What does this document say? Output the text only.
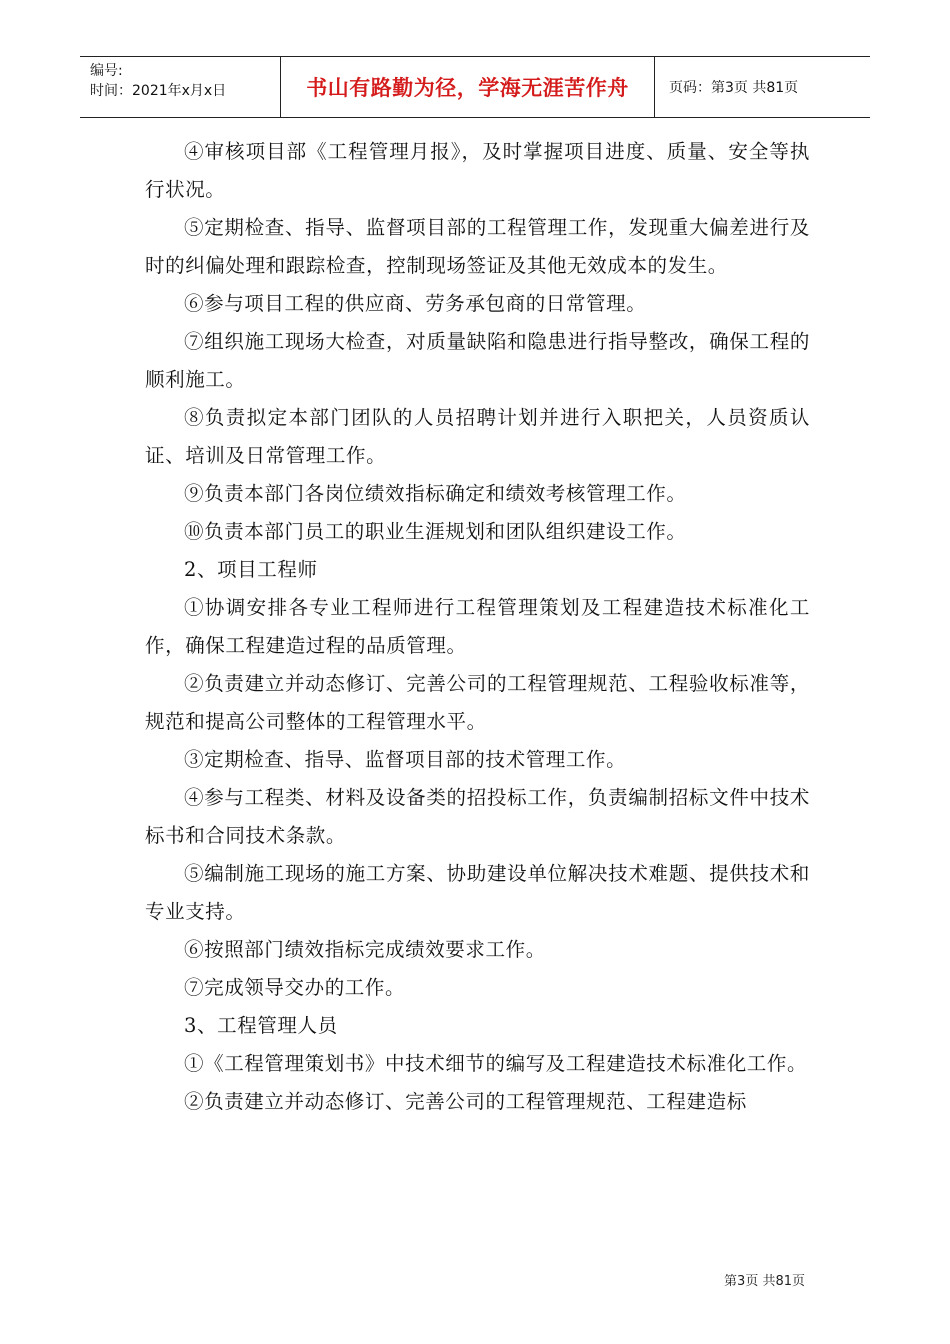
编号:
时间：2021年x月x日	书山有路勤为径，学海无涯苦作舟	页码：第3页 共81页

④审核项目部《工程管理月报》，及时掌握项目进度、质量、安全等执行状况。

⑤定期检查、指导、监督项目部的工程管理工作，发现重大偏差进行及时的纠偏处理和跟踪检查，控制现场签证及其他无效成本的发生。

⑥参与项目工程的供应商、劳务承包商的日常管理。

⑦组织施工现场大检查，对质量缺陷和隐患进行指导整改，确保工程的顺利施工。

⑧负责拟定本部门团队的人员招聘计划并进行入职把关，人员资质认证、培训及日常管理工作。

⑨负责本部门各岗位绩效指标确定和绩效考核管理工作。

⑩负责本部门员工的职业生涯规划和团队组织建设工作。

2、项目工程师

①协调安排各专业工程师进行工程管理策划及工程建造技术标准化工作，确保工程建造过程的品质管理。

②负责建立并动态修订、完善公司的工程管理规范、工程验收标准等，规范和提高公司整体的工程管理水平。

③定期检查、指导、监督项目部的技术管理工作。

④参与工程类、材料及设备类的招投标工作，负责编制招标文件中技术标书和合同技术条款。

⑤编制施工现场的施工方案、协助建设单位解决技术难题、提供技术和专业支持。

⑥按照部门绩效指标完成绩效要求工作。

⑦完成领导交办的工作。

3、工程管理人员

①《工程管理策划书》中技术细节的编写及工程建造技术标准化工作。

②负责建立并动态修订、完善公司的工程管理规范、工程建造标

第3页 共81页
